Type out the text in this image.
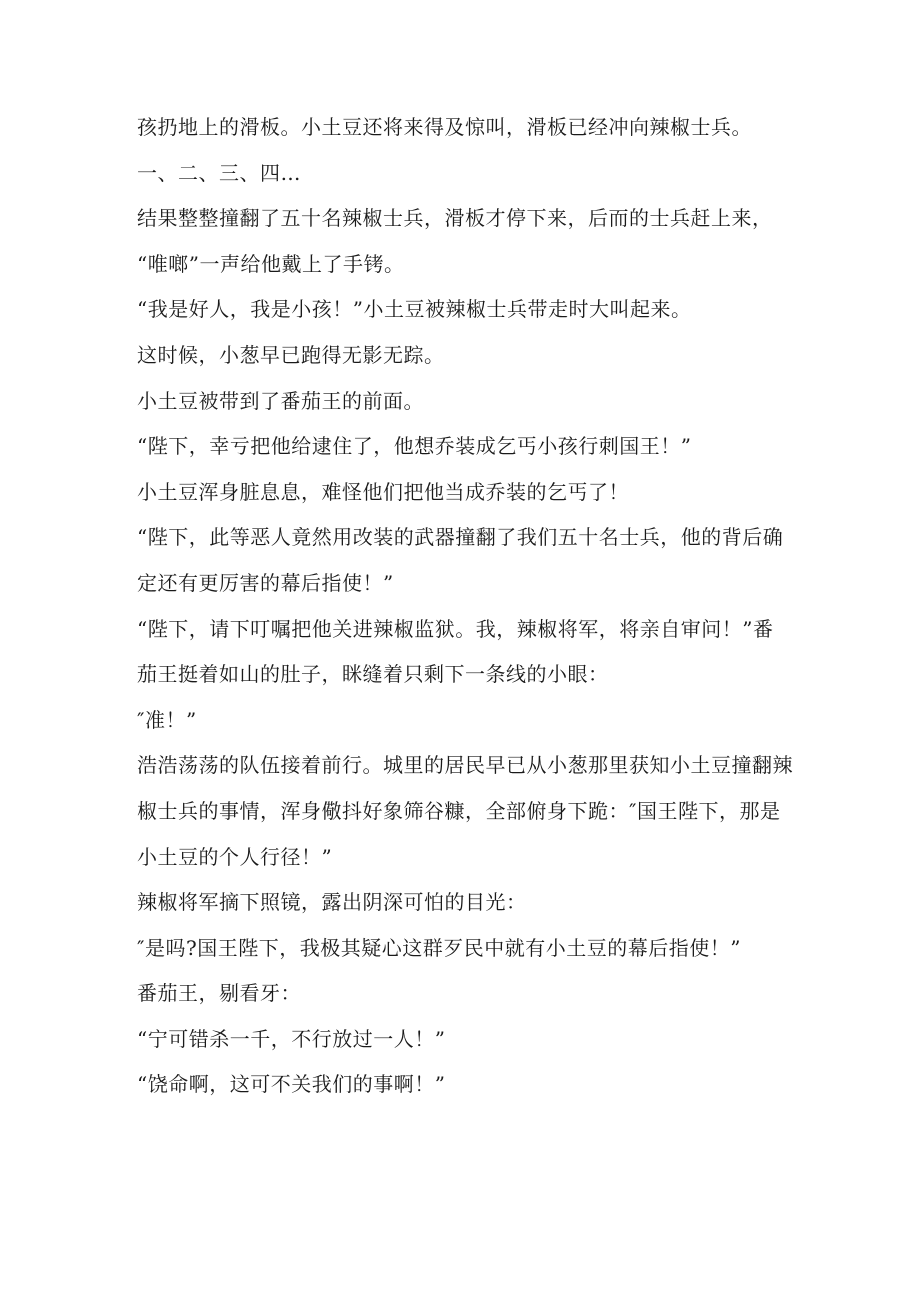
孩扔地上的滑板。小土豆还将来得及惊叫，滑板已经冲向辣椒士兵。
一、二、三、四…
结果整整撞翻了五十名辣椒士兵，滑板才停下来，后而的士兵赶上来，
“唯啷”一声给他戴上了手铐。
“我是好人，我是小孩！”小土豆被辣椒士兵带走时大叫起来。
这时候，小葱早已跑得无影无踪。
小土豆被带到了番茄王的前面。
“陛下，幸亏把他给逮住了，他想乔装成乞丐小孩行刺国王！”
小土豆浑身脏息息，难怪他们把他当成乔装的乞丐了！
“陛下，此等恶人竟然用改装的武器撞翻了我们五十名士兵，他的背后确
定还有更厉害的幕后指使！”
“陛下，请下叮嘱把他关进辣椒监狱。我，辣椒将军，将亲自审问！”番
茄王挺着如山的肚子，眯缝着只剩下一条线的小眼：
″准！”
浩浩荡荡的队伍接着前行。城里的居民早已从小葱那里获知小土豆撞翻辣
椒士兵的事情，浑身儆抖好象筛谷糠，全部俯身下跪：″国王陛下，那是
小土豆的个人行径！”
辣椒将军摘下照镜，露出阴深可怕的目光：
″是吗?国王陛下，我极其疑心这群歹民中就有小土豆的幕后指使！”
番茄王，剔看牙：
“宁可错杀一千，不行放过一人！”
“饶命啊，这可不关我们的事啊！”
